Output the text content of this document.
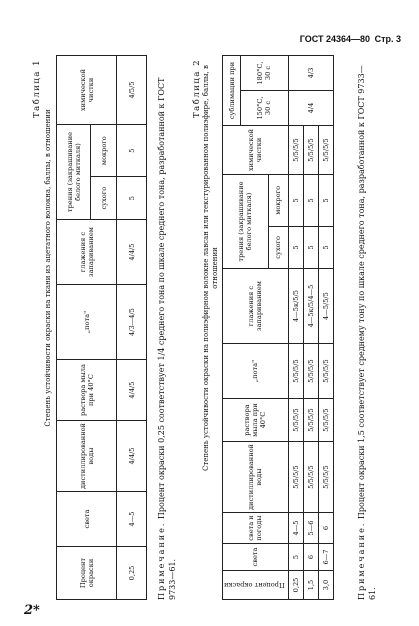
ГОСТ 24364—80 Стр. 3
2*
Таблица 1
Степень устойчивости окраски на ткани из ацетатного волокна, баллы, в отношении
Процент окраски	света	дистиллированной воды	раствора мыла при 40°С	„пота"	глажения с запариванием	трения (закрашивание белого миткаля)		химической чистки
						сухого	мокрого	
0,25	4—5	4/4/5	4/4/5	4/3—4/5	4/4/5	5	5	4/5/5
Примечание. Процент окраски 0,25 соответствует 1/4 среднего тона по шкале среднего тона, разработанной к ГОСТ 9733—61.
Таблица 2 Степень устойчивости окраски на полиэфирном волокне лавсан или текстурированном полиэфире, баллы, в отношении
Процент окраски	света	света и погоды	дистиллированной воды	раствора мыла при 40°С	„пота"	глажения с запариванием	трения (закрашивание белого миткаля)		химической чистки	сублимации при	
										150°С, 30 с	180°С, 30 с
							сухого	мокрого			
0,25	5	4—5	5/5/5/5	5/5/5/5	5/5/5/5	4—5к/5/5	5	5	5/5/5/5	4/4	4/3
1,5	6	5—6	5/5/5/5	5/5/5/5	5/5/5/5	4—5к/5/4—5	5	5	5/5/5/5		
3,0	6—7	6	5/5/5/5	5/5/5/5	5/5/5/5	4—5/5/5	5	5	5/5/5/5		
Примечание. Процент окраски 1,5 соответствует среднему тону по шкале среднего тона, разработанной к ГОСТ 9733—61.
